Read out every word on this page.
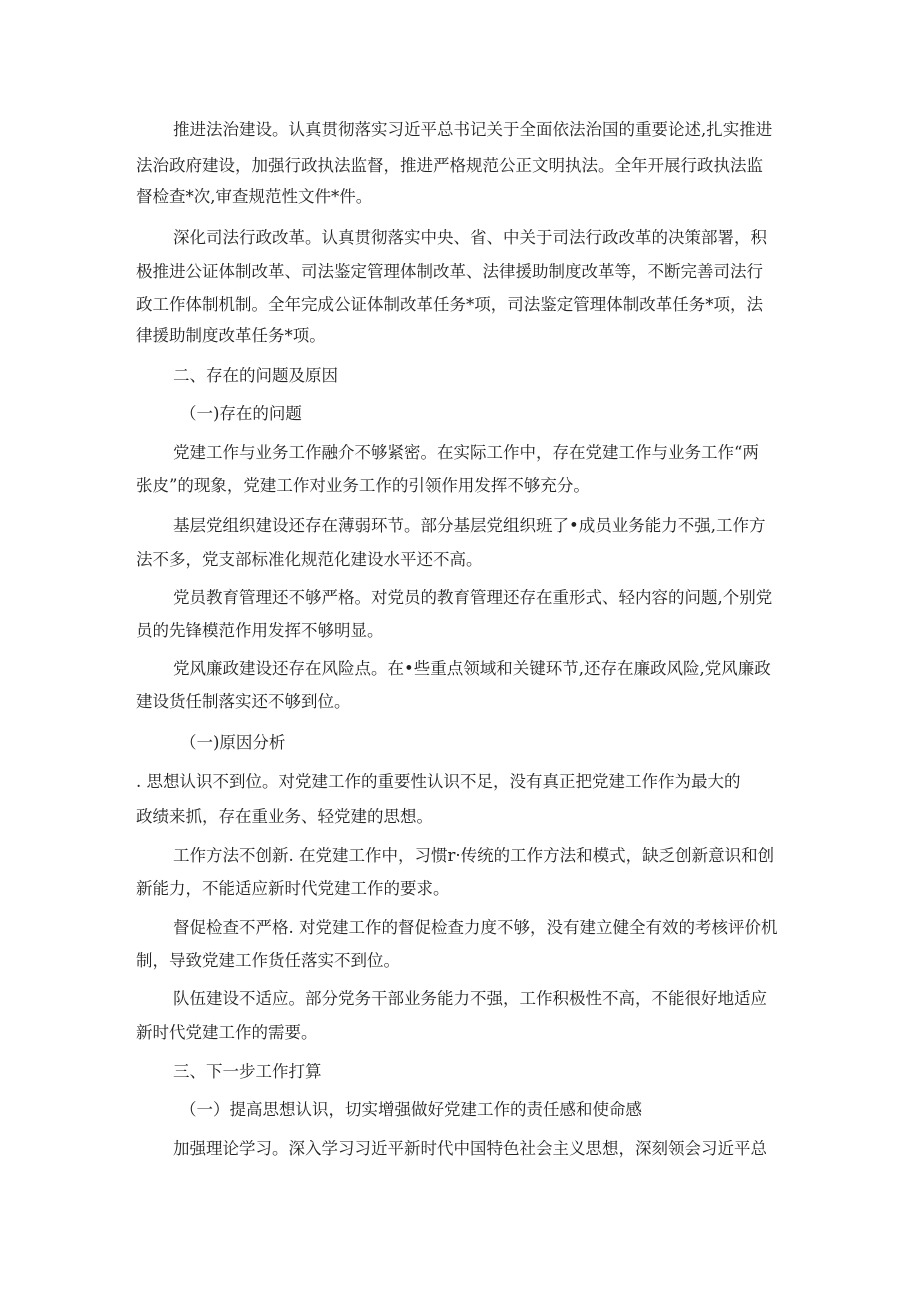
推进法治建设。认真贯彻落实习近平总书记关于全面依法治国的重要论述,扎实推进
法治政府建设，加强行政执法监督，推进严格规范公正文明执法。全年开展行政执法监
督检查*次,审查规范性文件*件。
深化司法行政改革。认真贯彻落实中央、省、中关于司法行政改革的决策部署，积
极推进公证体制改革、司法鉴定管理体制改革、法律援助制度改革等，不断完善司法行
政工作体制机制。全年完成公证体制改革任务*项，司法鉴定管理体制改革任务*项，法
律援助制度改革任务*项。
二、存在的问题及原因
（一)存在的问题
党建工作与业务工作融介不够紧密。在实际工作中，存在党建工作与业务工作“两
张皮”的现象，党建工作对业务工作的引领作用发挥不够充分。
基层党组织建设还存在薄弱环节。部分基层党组织班了•成员业务能力不强,工作方
法不多，党支部标准化规范化建设水平还不高。
党员教育管理还不够严格。对党员的教育管理还存在重形式、轻内容的问题,个别党
员的先锋模范作用发挥不够明显。
党风廉政建设还存在风险点。在•些重点领域和关键环节,还存在廉政风险,党风廉政
建设货任制落实还不够到位。
（一)原因分析
. 思想认识不到位。对党建工作的重要性认识不足，没有真正把党建工作作为最大的
政绩来抓，存在重业务、轻党建的思想。
工作方法不创新. 在党建工作中，习惯r·传统的工作方法和模式，缺乏创新意识和创
新能力，不能适应新时代党建工作的要求。
督促检查不严格. 对党建工作的督促检查力度不够，没有建立健全有效的考核评价机
制，导致党建工作货任落实不到位。
队伍建设不适应。部分党务干部业务能力不强，工作积极性不高，不能很好地适应
新时代党建工作的需要。
三、下一步工作打算
（一）提高思想认识，切实增强做好党建工作的责任感和使命感
加强理论学习。深入学习习近平新时代中国特色社会主义思想，深刻领会习近平总
